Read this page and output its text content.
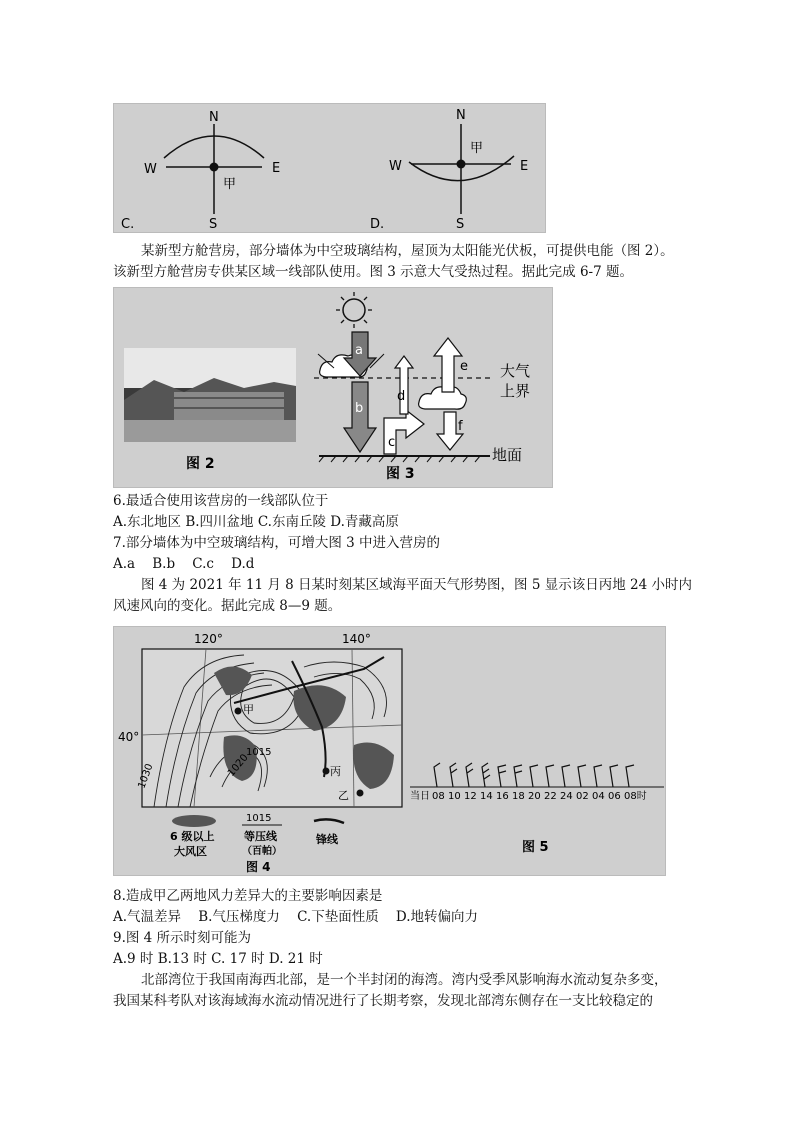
N
W	E
S
甲
C.
N
W	E
S
甲
D.
某新型方舱营房，部分墙体为中空玻璃结构，屋顶为太阳能光伏板，可提供电能（图 2）。
该新型方舱营房专供某区域一线部队使用。图 3 示意大气受热过程。据此完成 6-7 题。
图 2
大气
上界
地面
a
b
c
d
e
f
图 3
6.最适合使用该营房的一线部队位于
A.东北地区 B.四川盆地 C.东南丘陵 D.青藏高原
7.部分墙体为中空玻璃结构，可增大图 3 中进入营房的
A.a    B.b    C.c    D.d
图 4 为 2021 年 11 月 8 日某时刻某区域海平面天气形势图，图 5 显示该日丙地 24 小时内
风速风向的变化。据此完成 8—9 题。
120°	140°
40°
1030
1015
1020
甲
丙
乙
6 级以上
大风区
1015
等压线
（百帕）
锋线
图 4
当日 08 10 12 14 16 18 20 22 24 02 04 06 08时
图 5
8.造成甲乙两地风力差异大的主要影响因素是
A.气温差异    B.气压梯度力    C.下垫面性质    D.地转偏向力
9.图 4 所示时刻可能为
A.9 时 B.13 时 C. 17 时 D. 21 时
北部湾位于我国南海西北部，是一个半封闭的海湾。湾内受季风影响海水流动复杂多变，
我国某科考队对该海域海水流动情况进行了长期考察，发现北部湾东侧存在一支比较稳定的
